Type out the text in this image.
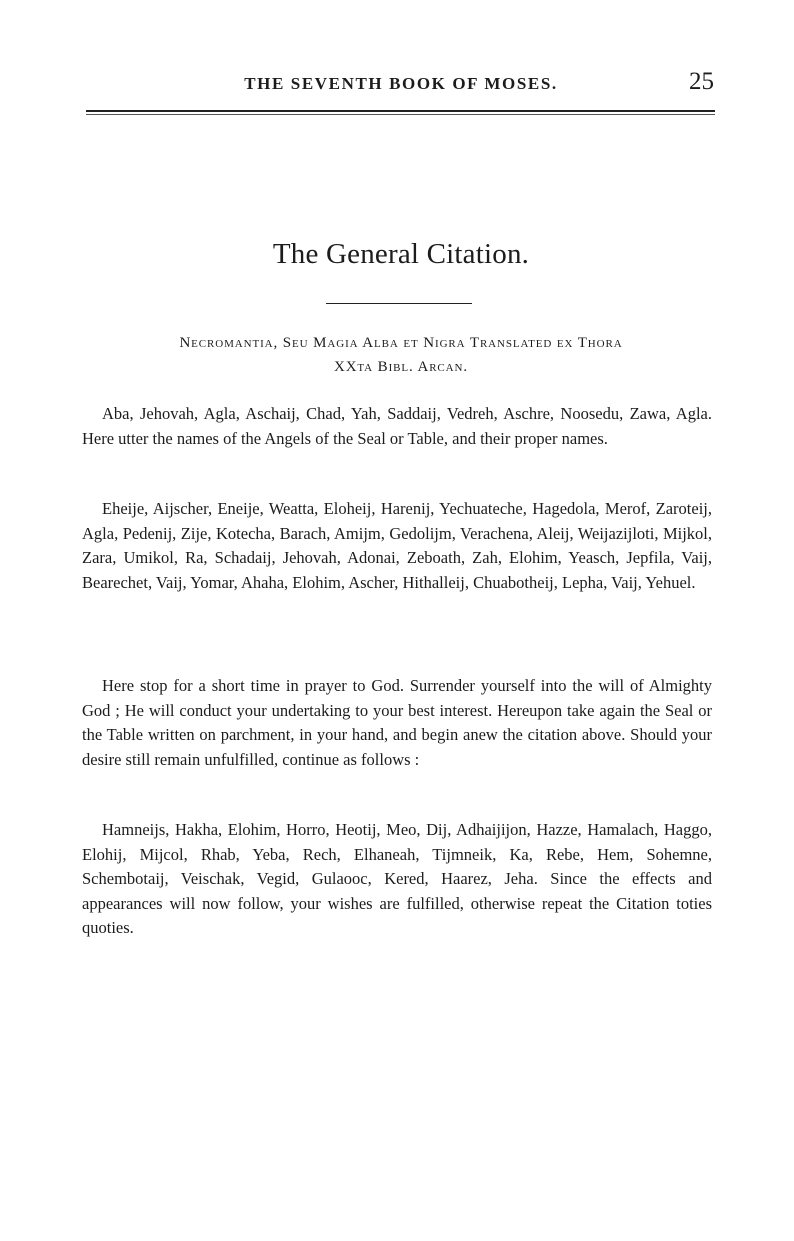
THE SEVENTH BOOK OF MOSES.	25
The General Citation.
Necromantia, Seu Magia Alba et Nigra Translated ex Thora
XXta Bibl. Arcan.

Aba, Jehovah, Agla, Aschaij, Chad, Yah, Saddaij, Vedreh, Aschre, Noosedu, Zawa, Agla. Here utter the names of the Angels of the Seal or Table, and their proper names.

Eheije, Aijscher, Eneije, Weatta, Eloheij, Harenij, Yechuateche, Hagedola, Merof, Zaroteij, Agla, Pedenij, Zije, Kotecha, Barach, Amijm, Gedolijm, Verachena, Aleij, Weijazijloti, Mijkol, Zara, Umikol, Ra, Schadaij, Jehovah, Adonai, Zeboath, Zah, Elohim, Yeasch, Jepfila, Vaij, Bearechet, Vaij, Yomar, Ahaha, Elohim, Ascher, Hithalleij, Chuabotheij, Lepha, Vaij, Yehuel.

Here stop for a short time in prayer to God. Surrender yourself into the will of Almighty God ; He will conduct your undertaking to your best interest. Hereupon take again the Seal or the Table written on parchment, in your hand, and begin anew the citation above. Should your desire still remain unfulfilled, continue as follows :

Hamneijs, Hakha, Elohim, Horro, Heotij, Meo, Dij, Adhaijijon, Hazze, Hamalach, Haggo, Elohij, Mijcol, Rhab, Yeba, Rech, Elhaneah, Tijmneik, Ka, Rebe, Hem, Sohemne, Schembotaij, Veischak, Vegid, Gulaooc, Kered, Haarez, Jeha. Since the effects and appearances will now follow, your wishes are fulfilled, otherwise repeat the Citation toties quoties.
